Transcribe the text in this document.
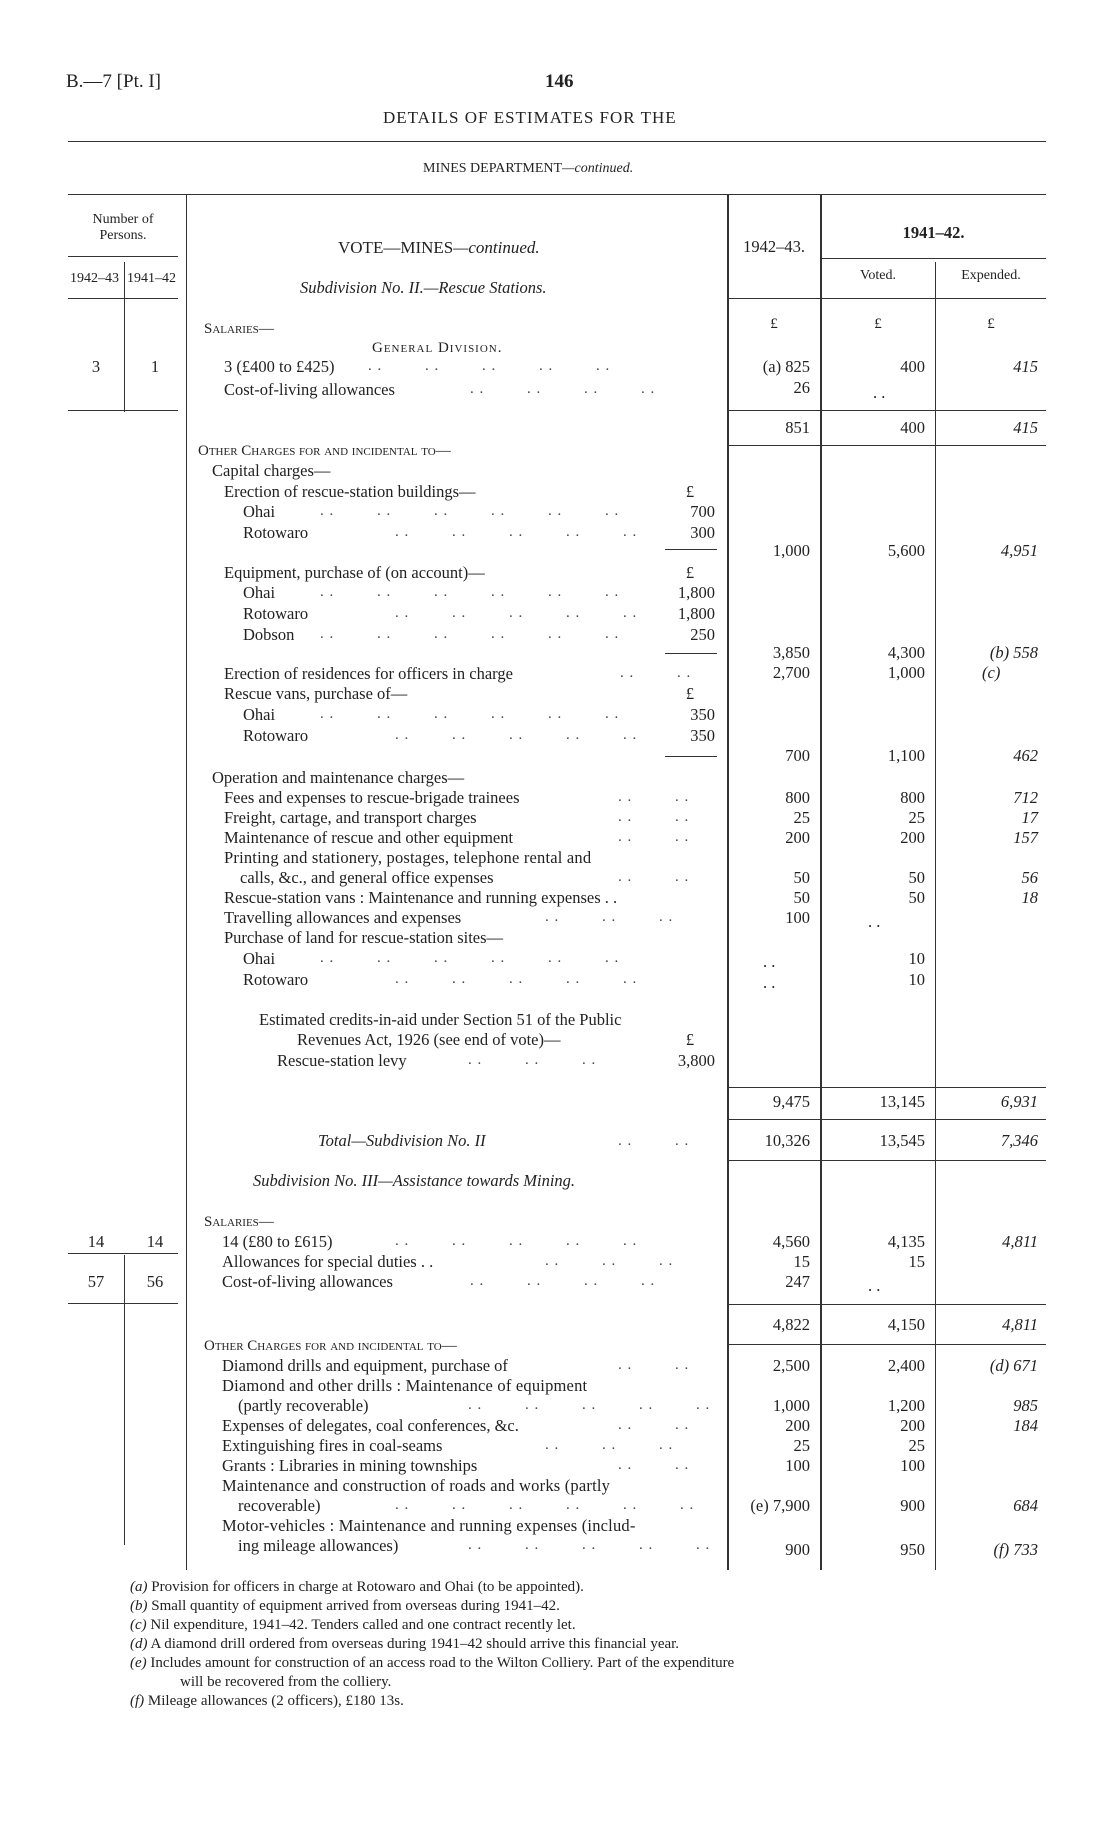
B.—7 [Pt. I]	146
DETAILS OF ESTIMATES FOR THE
MINES DEPARTMENT—continued.
Number of Persons.
1942–43 1941–42
1942–43.
1941–42.
Voted.	Expended.
VOTE—MINES—continued.
Subdivision No. II.—Rescue Stations.
Salaries—	£	£	£
General Division.
3	1	3 (£400 to £425) . .         . .         . .         . .         . .	(a) 825	400	415
Cost-of-living allowances	. .         . .         . .         . .	26	. .
851	400	415
Other Charges for and incidental to—
Capital charges—
Erection of rescue-station buildings—	£
Ohai	. .         . .         . .         . .         . .         . .	700
Rotowaro	. .         . .         . .         . .         . .	300
1,000	5,600	4,951
Equipment, purchase of (on account)—	£
Ohai	. .         . .         . .         . .         . .         . .	1,800
Rotowaro	. .         . .         . .         . .         . .	1,800
Dobson . .         . .         . .         . .         . .         . .	250
3,850	4,300	(b) 558
Erection of residences for officers in charge	. .         . .	2,700	1,000	(c)
Rescue vans, purchase of—	£
Ohai	. .         . .         . .         . .         . .         . .	350
Rotowaro	. .         . .         . .         . .         . .	350
700	1,100	462
Operation and maintenance charges—
Fees and expenses to rescue-brigade trainees	. .         . .	800	800	712
Freight, cartage, and transport charges	. .         . .	25	25	17
Maintenance of rescue and other equipment	. .         . .	200	200	157
Printing and stationery, postages, telephone rental and
calls, &c., and general office expenses	. .         . .	50	50	56
Rescue-station vans : Maintenance and running expenses . .	50	50	18
Travelling allowances and expenses	. .         . .         . .	100	. .
Purchase of land for rescue-station sites—
Ohai	. .         . .         . .         . .         . .         . .	. .	10
Rotowaro	. .         . .         . .         . .         . .	. .	10
Estimated credits-in-aid under Section 51 of the Public
Revenues Act, 1926 (see end of vote)—	£
Rescue-station levy	. .         . .         . .	3,800
9,475	13,145	6,931
Total—Subdivision No. II	. .         . .	10,326	13,545	7,346
Subdivision No. III—Assistance towards Mining.
Salaries—
14	14	14 (£80 to £615)	. .         . .         . .         . .         . .	4,560	4,135	4,811
Allowances for special duties . .	. .         . .         . .	15	15
57	56	Cost-of-living allowances	. .         . .         . .         . .	247	. .
4,822	4,150	4,811
Other Charges for and incidental to—
Diamond drills and equipment, purchase of	. .         . .	2,500	2,400	(d) 671
Diamond and other drills : Maintenance of equipment
(partly recoverable)	. .         . .         . .         . .         . .	1,000	1,200	985
Expenses of delegates, coal conferences, &c.	. .         . .	200	200	184
Extinguishing fires in coal-seams	. .         . .         . .	25	25
Grants : Libraries in mining townships	. .         . .	100	100
Maintenance and construction of roads and works (partly
recoverable)	. .         . .         . .         . .         . .         . .	(e) 7,900	900	684
Motor-vehicles : Maintenance and running expenses (includ-
ing mileage allowances)	. .         . .         . .         . .         . .	900	950	(f) 733
(a) Provision for officers in charge at Rotowaro and Ohai (to be appointed).
(b) Small quantity of equipment arrived from overseas during 1941–42.
(c) Nil expenditure, 1941–42. Tenders called and one contract recently let.
(d) A diamond drill ordered from overseas during 1941–42 should arrive this financial year.
(e) Includes amount for construction of an access road to the Wilton Colliery. Part of the expenditure
will be recovered from the colliery.
(f) Mileage allowances (2 officers), £180 13s.
